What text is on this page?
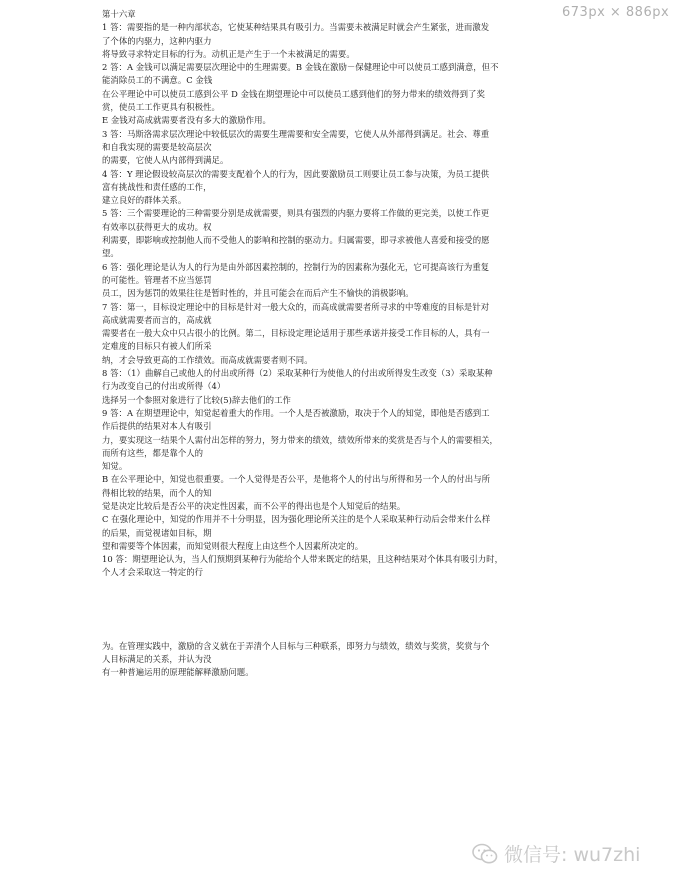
673px × 886px
第十六章
1 答：需要指的是一种内部状态，它使某种结果具有吸引力。当需要未被满足时就会产生紧张，进而激发
了个体的内驱力，这种内驱力
将导致寻求特定目标的行为。动机正是产生于一个未被满足的需要。
2 答：A 金钱可以满足需要层次理论中的生理需要。B 金钱在激励－保健理论中可以使员工感到满意，但不
能消除员工的不满意。C 金钱
在公平理论中可以使员工感到公平 D 金钱在期望理论中可以使员工感到他们的努力带来的绩效得到了奖
赏，使员工工作更具有积极性。
E 金钱对高成就需要者没有多大的激励作用。
3 答：马斯洛需求层次理论中较低层次的需要生理需要和安全需要，它使人从外部得到满足。社会、尊重
和自我实现的需要是较高层次
的需要，它使人从内部得到满足。
4 答：Y 理论假设较高层次的需要支配着个人的行为，因此要激励员工则要让员工参与决策，为员工提供
富有挑战性和责任感的工作，
建立良好的群体关系。
5 答：三个需要理论的三种需要分别是成就需要，则具有强烈的内驱力要将工作做的更完美，以使工作更
有效率以获得更大的成功。权
利需要，即影响或控制他人而不受他人的影响和控制的驱动力。归属需要，即寻求被他人喜爱和接受的愿
望。
6 答：强化理论是认为人的行为是由外部因素控制的，控制行为的因素称为强化无，它可提高该行为重复
的可能性。管理者不应当惩罚
员工，因为惩罚的效果往往是暂时性的，并且可能会在而后产生不愉快的消极影响。
7 答：第一，目标设定理论中的目标是针对一般大众的，而高成就需要者所寻求的中等难度的目标是针对
高成就需要者而言的，高成就
需要者在一般大众中只占很小的比例。第二，目标设定理论适用于那些承诺并接受工作目标的人，具有一
定难度的目标只有被人们所采
纳，才会导致更高的工作绩效。而高成就需要者则不同。
8 答：（1）曲解自己或他人的付出或所得（2）采取某种行为使他人的付出或所得发生改变（3）采取某种
行为改变自己的付出或所得（4）
选择另一个参照对象进行了比较(5)辞去他们的工作
9 答：A 在期望理论中，知觉起着重大的作用。一个人是否被激励，取决于个人的知觉，即他是否感到工
作后提供的结果对本人有吸引
力，要实现这一结果个人需付出怎样的努力，努力带来的绩效，绩效所带来的奖赏是否与个人的需要相关，
而所有这些，都是靠个人的
知觉。
B 在公平理论中，知觉也很重要。一个人觉得是否公平，是他将个人的付出与所得和另一个人的付出与所
得相比较的结果，而个人的知
觉是决定比较后是否公平的决定性因素，而不公平的得出也是个人知觉后的结果。
C 在强化理论中，知觉的作用并不十分明显，因为强化理论所关注的是个人采取某种行动后会带来什么样
的后果，而觉视诸如目标，期
望和需要等个体因素，而知觉则很大程度上由这些个人因素所决定的。
10 答：期望理论认为，当人们预期到某种行为能给个人带来既定的结果，且这种结果对个体具有吸引力时，
个人才会采取这一特定的行
为。在管理实践中，激励的含义就在于弄清个人目标与三种联系，即努力与绩效，绩效与奖赏，奖赏与个
人目标满足的关系，并认为没
有一种普遍运用的原理能解释激励问题。
微信号: wu7zhi
